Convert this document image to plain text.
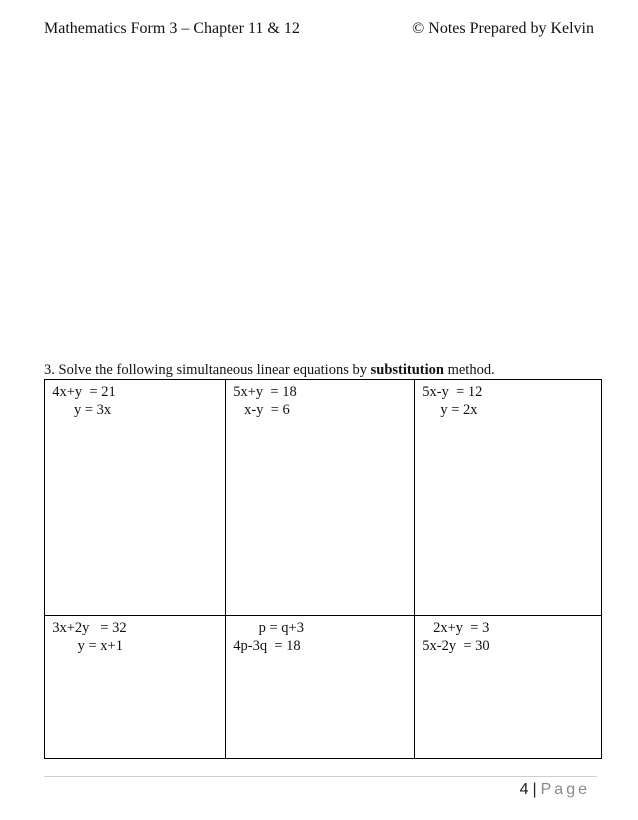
Mathematics Form 3 – Chapter 11 & 12	© Notes Prepared by Kelvin
3. Solve the following simultaneous linear equations by substitution method.
4x+y  = 21
y = 3x
5x+y  = 18
x-y  = 6
5x-y  = 12
y = 2x
3x+2y   = 32
y = x+1
p = q+3
4p-3q  = 18
2x+y  = 3
5x-2y  = 30
4 | Page
